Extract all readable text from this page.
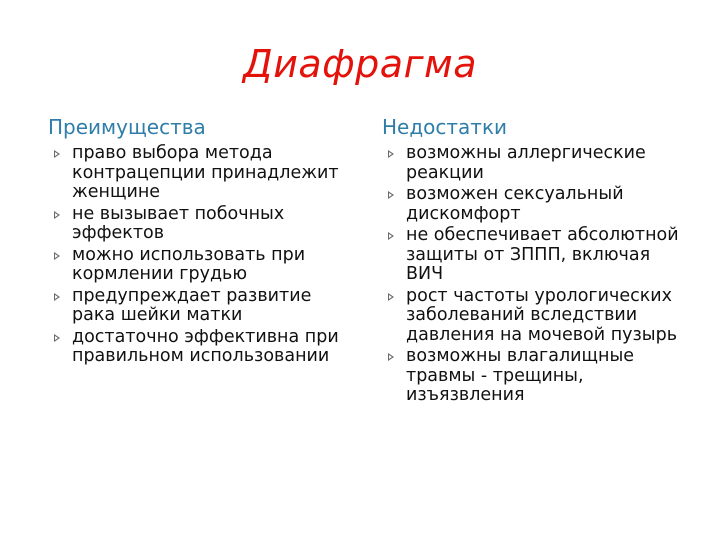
Диафрагма
Преимущества
право выбора метода контрацепции принадлежит женщине
не вызывает побочных эффектов
можно использовать при кормлении грудью
предупреждает развитие рака шейки матки
достаточно эффективна при правильном использовании
Недостатки
возможны аллергические реакции
возможен сексуальный дискомфорт
не обеспечивает абсолютной защиты от ЗППП, включая ВИЧ
рост частоты урологических заболеваний вследствии давления на мочевой пузырь
возможны влагалищные травмы - трещины, изъязвления
